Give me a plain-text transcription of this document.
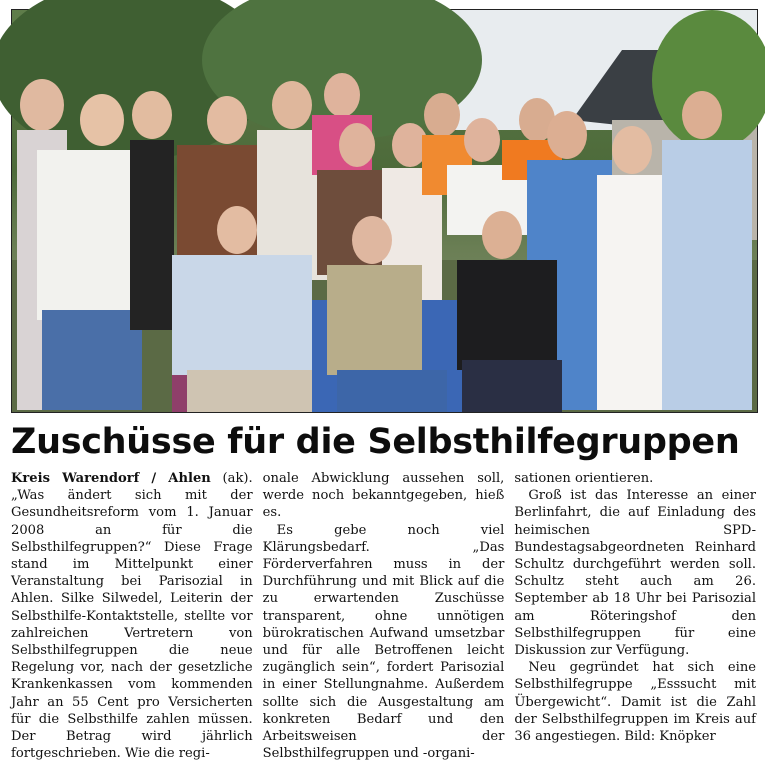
Zuschüsse für die Selbsthilfegruppen

Kreis Warendorf / Ahlen (ak). „Was ändert sich mit der Gesundheitsreform vom 1. Januar 2008 an für die Selbsthilfegruppen?“ Diese Frage stand im Mittelpunkt einer Veranstaltung bei Parisozial in Ahlen. Silke Silwedel, Leiterin der Selbsthilfe-Kontaktstelle, stellte vor zahlreichen Vertretern von Selbsthilfegruppen die neue Regelung vor, nach der gesetzliche Krankenkassen vom kommenden Jahr an 55 Cent pro Versicherten für die Selbsthilfe zahlen müssen. Der Betrag wird jährlich fortgeschrieben. Wie die regi-

onale Abwicklung aussehen soll, werde noch bekanntgegeben, hieß es.

Es gebe noch viel Klärungsbedarf. „Das Förderverfahren muss in der Durchführung und mit Blick auf die zu erwartenden Zuschüsse transparent, ohne unnötigen bürokratischen Aufwand umsetzbar und für alle Betroffenen leicht zugänglich sein“, fordert Parisozial in einer Stellungnahme. Außerdem sollte sich die Ausgestaltung am konkreten Bedarf und den Arbeitsweisen der Selbsthilfegruppen und -organi-

sationen orientieren.

Groß ist das Interesse an einer Berlinfahrt, die auf Einladung des heimischen SPD-Bundestagsabgeordneten Reinhard Schultz durchgeführt werden soll. Schultz steht auch am 26. September ab 18 Uhr bei Parisozial am Röteringshof den Selbsthilfegruppen für eine Diskussion zur Verfügung.

Neu gegründet hat sich eine Selbsthilfegruppe „Esssucht mit Übergewicht“. Damit ist die Zahl der Selbsthilfegruppen im Kreis auf 36 angestiegen. Bild: Knöpker
